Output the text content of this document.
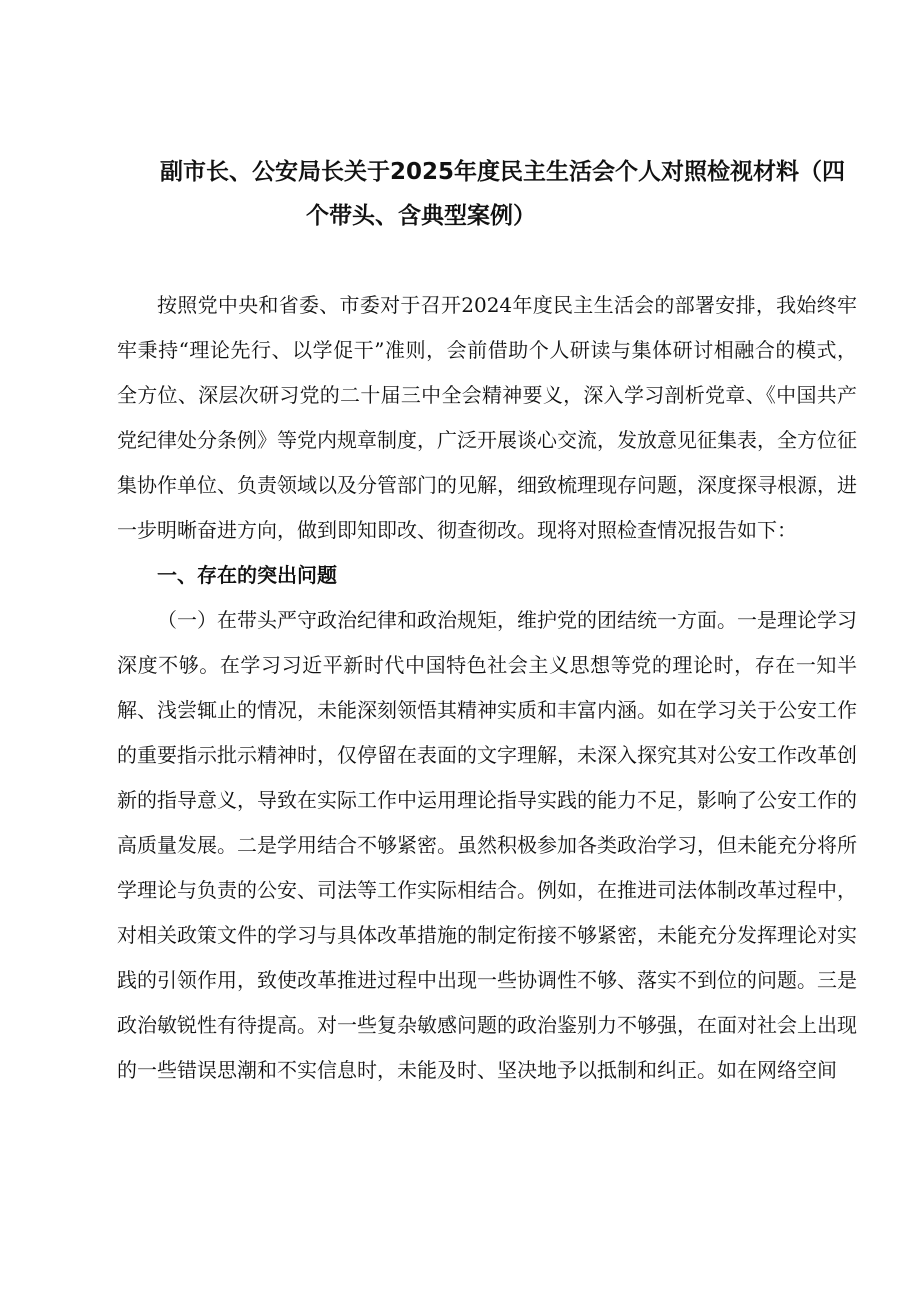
副市长、公安局长关于2025年度民主生活会个人对照检视材料（四
个带头、含典型案例）

按照党中央和省委、市委对于召开2024年度民主生活会的部署安排，我始终牢牢秉持“理论先行、以学促干”准则，会前借助个人研读与集体研讨相融合的模式，全方位、深层次研习党的二十届三中全会精神要义，深入学习剖析党章、《中国共产党纪律处分条例》等党内规章制度，广泛开展谈心交流，发放意见征集表，全方位征集协作单位、负责领域以及分管部门的见解，细致梳理现存问题，深度探寻根源，进一步明晰奋进方向，做到即知即改、彻查彻改。现将对照检查情况报告如下：

一、存在的突出问题

（一）在带头严守政治纪律和政治规矩，维护党的团结统一方面。一是理论学习深度不够。在学习习近平新时代中国特色社会主义思想等党的理论时，存在一知半解、浅尝辄止的情况，未能深刻领悟其精神实质和丰富内涵。如在学习关于公安工作的重要指示批示精神时，仅停留在表面的文字理解，未深入探究其对公安工作改革创新的指导意义，导致在实际工作中运用理论指导实践的能力不足，影响了公安工作的高质量发展。二是学用结合不够紧密。虽然积极参加各类政治学习，但未能充分将所学理论与负责的公安、司法等工作实际相结合。例如，在推进司法体制改革过程中，对相关政策文件的学习与具体改革措施的制定衔接不够紧密，未能充分发挥理论对实践的引领作用，致使改革推进过程中出现一些协调性不够、落实不到位的问题。三是政治敏锐性有待提高。对一些复杂敏感问题的政治鉴别力不够强，在面对社会上出现的一些错误思潮和不实信息时，未能及时、坚决地予以抵制和纠正。如在网络空间
